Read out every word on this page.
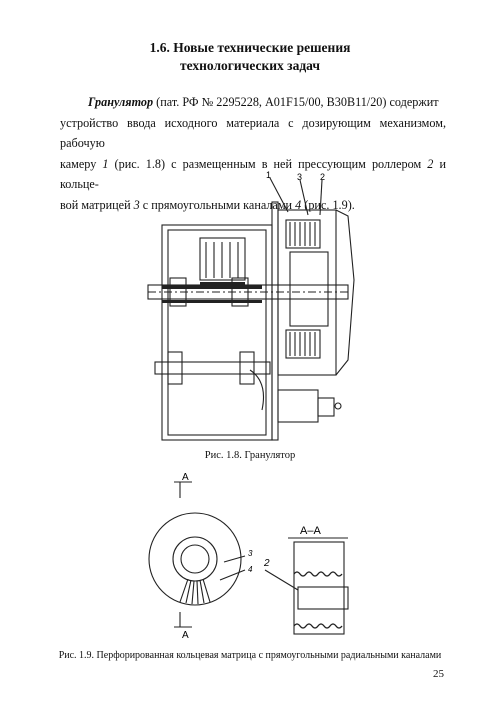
1.6. Новые технические решения
технологических задач
Гранулятор (пат. РФ № 2295228, A01F15/00, B30B11/20) содержит
устройство ввода исходного материала с дозирующим механизмом, рабочую
камеру 1 (рис. 1.8) с размещенным в ней прессующим роллером 2 и кольце-
вой матрицей 3 с прямоугольными каналами 4 (рис. 1.9).
1	3 2
Рис. 1.8. Гранулятор
А
А
А–А
3
4
2
Рис. 1.9. Перфорированная кольцевая матрица с прямоугольными радиальными каналами
25
